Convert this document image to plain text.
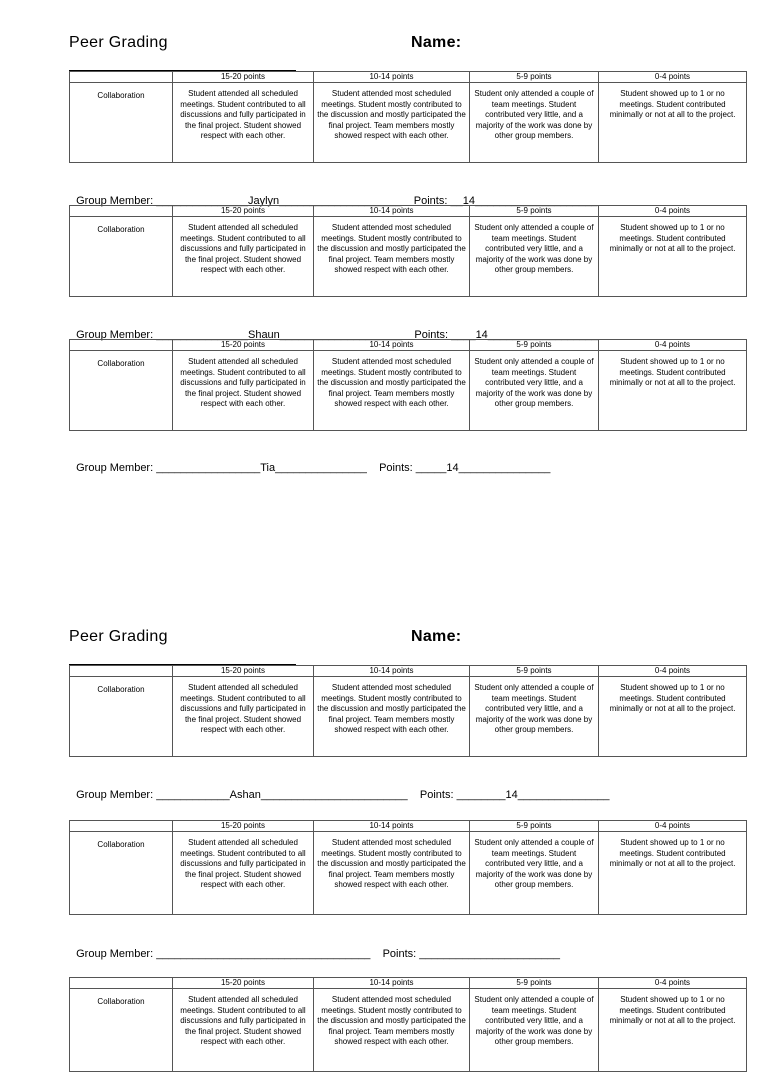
Peer Grading	Name:
	15-20 points	10-14 points	5-9 points	0-4 points
Collaboration	Student attended all scheduled meetings. Student contributed to all discussions and fully participated in the final project. Student showed respect with each other.	Student attended most scheduled meetings. Student mostly contributed to the discussion and mostly participated the final project. Team members mostly showed respect with each other.	Student only attended a couple of team meetings. Student contributed very little, and a majority of the work was done by other group members.	Student showed up to 1 or no meetings. Student contributed minimally or not at all to the project.

Group Member: _______________Jaylyn____________________ Points: __14____________________

	15-20 points	10-14 points	5-9 points	0-4 points
Collaboration	Student attended all scheduled meetings. Student contributed to all discussions and fully participated in the final project. Student showed respect with each other.	Student attended most scheduled meetings. Student mostly contributed to the discussion and mostly participated the final project. Team members mostly showed respect with each other.	Student only attended a couple of team meetings. Student contributed very little, and a majority of the work was done by other group members.	Student showed up to 1 or no meetings. Student contributed minimally or not at all to the project.

Group Member: _______________Shaun____________________ Points: ____14__________________

	15-20 points	10-14 points	5-9 points	0-4 points
Collaboration	Student attended all scheduled meetings. Student contributed to all discussions and fully participated in the final project. Student showed respect with each other.	Student attended most scheduled meetings. Student mostly contributed to the discussion and mostly participated the final project. Team members mostly showed respect with each other.	Student only attended a couple of team meetings. Student contributed very little, and a majority of the work was done by other group members.	Student showed up to 1 or no meetings. Student contributed minimally or not at all to the project.

Group Member: _________________Tia_______________ Points: _____14_______________

Peer Grading	Name:
	15-20 points	10-14 points	5-9 points	0-4 points
Collaboration	Student attended all scheduled meetings. Student contributed to all discussions and fully participated in the final project. Student showed respect with each other.	Student attended most scheduled meetings. Student mostly contributed to the discussion and mostly participated the final project. Team members mostly showed respect with each other.	Student only attended a couple of team meetings. Student contributed very little, and a majority of the work was done by other group members.	Student showed up to 1 or no meetings. Student contributed minimally or not at all to the project.

Group Member: ____________Ashan________________________ Points: ________14_______________

	15-20 points	10-14 points	5-9 points	0-4 points
Collaboration	Student attended all scheduled meetings. Student contributed to all discussions and fully participated in the final project. Student showed respect with each other.	Student attended most scheduled meetings. Student mostly contributed to the discussion and mostly participated the final project. Team members mostly showed respect with each other.	Student only attended a couple of team meetings. Student contributed very little, and a majority of the work was done by other group members.	Student showed up to 1 or no meetings. Student contributed minimally or not at all to the project.

Group Member: ___________________________________ Points: _______________________

	15-20 points	10-14 points	5-9 points	0-4 points
Collaboration	Student attended all scheduled meetings. Student contributed to all discussions and fully participated in the final project. Student showed respect with each other.	Student attended most scheduled meetings. Student mostly contributed to the discussion and mostly participated the final project. Team members mostly showed respect with each other.	Student only attended a couple of team meetings. Student contributed very little, and a majority of the work was done by other group members.	Student showed up to 1 or no meetings. Student contributed minimally or not at all to the project.
